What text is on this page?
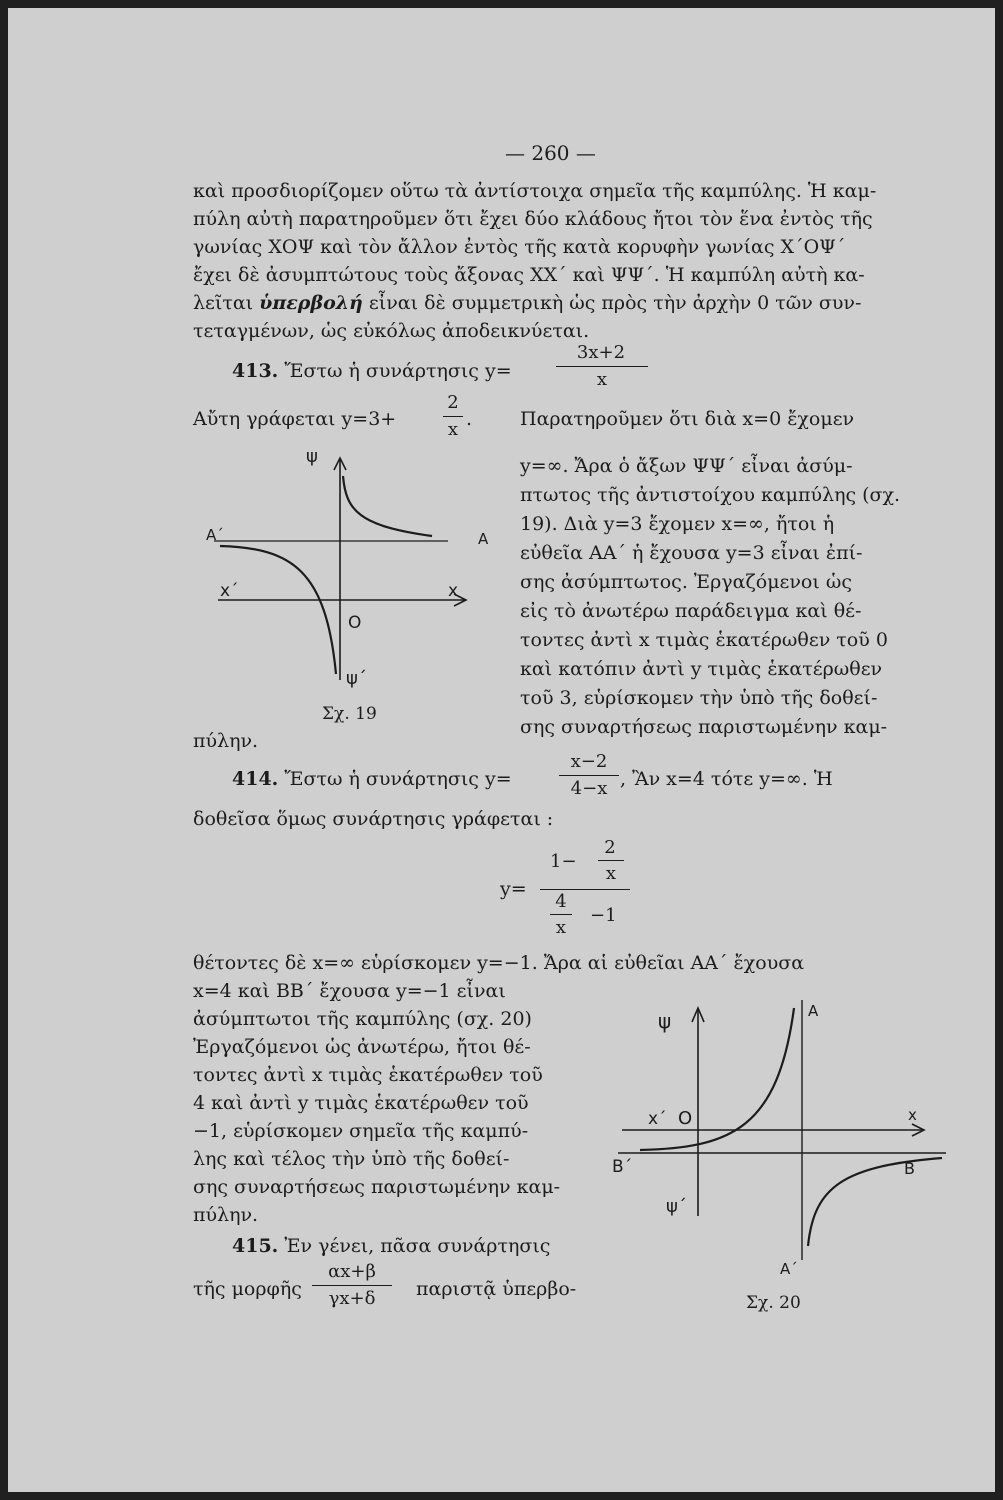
— 260 —
καὶ προσδιορίζομεν οὕτω τὰ ἀντίστοιχα σημεῖα τῆς καμπύλης. Ἡ καμ-
πύλη αὐτὴ παρατηροῦμεν ὅτι ἔχει δύο κλάδους ἤτοι τὸν ἕνα ἐντὸς τῆς
γωνίας ΧΟΨ καὶ τὸν ἄλλον ἐντὸς τῆς κατὰ κορυφὴν γωνίας Χ΄ΟΨ΄
ἔχει δὲ ἀσυμπτώτους τοὺς ἄξονας ΧΧ΄ καὶ ΨΨ΄. Ἡ καμπύλη αὐτὴ κα-
λεῖται ὑπερβολή εἶναι δὲ συμμετρικὴ ὡς πρὸς τὴν ἀρχὴν 0 τῶν συν-
τεταγμένων, ὡς εὐκόλως ἀποδεικνύεται.
413. Ἔστω ἡ συνάρτησις y=
3x+2
x
Αὔτη γράφεται y=3+
2
x .	Παρατηροῦμεν ὅτι διὰ x=0 ἔχομεν
y=∞. Ἄρα ὁ ἄξων ΨΨ΄ εἶναι ἀσύμ-
πτωτος τῆς ἀντιστοίχου καμπύλης (σχ.
19). Διὰ y=3 ἔχομεν x=∞, ἤτοι ἡ
εὐθεῖα ΑΑ΄ ἡ ἔχουσα y=3 εἶναι ἐπί-
σης ἀσύμπτωτος. Ἐργαζόμενοι ὡς
εἰς τὸ ἀνωτέρω παράδειγμα καὶ θέ-
τοντες ἀντὶ x τιμὰς ἑκατέρωθεν τοῦ 0
καὶ κατόπιν ἀντὶ y τιμὰς ἑκατέρωθεν
τοῦ 3, εὑρίσκομεν τὴν ὑπὸ τῆς δοθεί-
σης συναρτήσεως παριστωμένην καμ-
πύλην.
ψ
ψ΄
Α΄	Α
x΄	x
O
Σχ. 19
414. Ἔστω ἡ συνάρτησις y=
x−2
4−x , Ἂν x=4 τότε y=∞. Ἡ
δοθεῖσα ὅμως συνάρτησις γράφεται :
y=
1−
2
x
4
x
−1
θέτοντες δὲ x=∞ εὑρίσκομεν y=−1. Ἄρα αἱ εὐθεῖαι ΑΑ΄ ἔχουσα
x=4 καὶ ΒΒ΄ ἔχουσα y=−1 εἶναι
ἀσύμπτωτοι τῆς καμπύλης (σχ. 20)
Ἐργαζόμενοι ὡς ἀνωτέρω, ἤτοι θέ-
τοντες ἀντὶ x τιμὰς ἑκατέρωθεν τοῦ
4 καὶ ἀντὶ y τιμὰς ἑκατέρωθεν τοῦ
−1, εὑρίσκομεν σημεῖα τῆς καμπύ-
λης καὶ τέλος τὴν ὑπὸ τῆς δοθεί-
σης συναρτήσεως παριστωμένην καμ-
πύλην.
415. Ἐν γένει, πᾶσα συνάρτησις
τῆς μορφῆς
αx+β
γx+δ	παριστᾷ ὑπερβο-
ψ
ψ΄
Α
Α΄
Β΄	Β
x΄	x
O
Σχ. 20
